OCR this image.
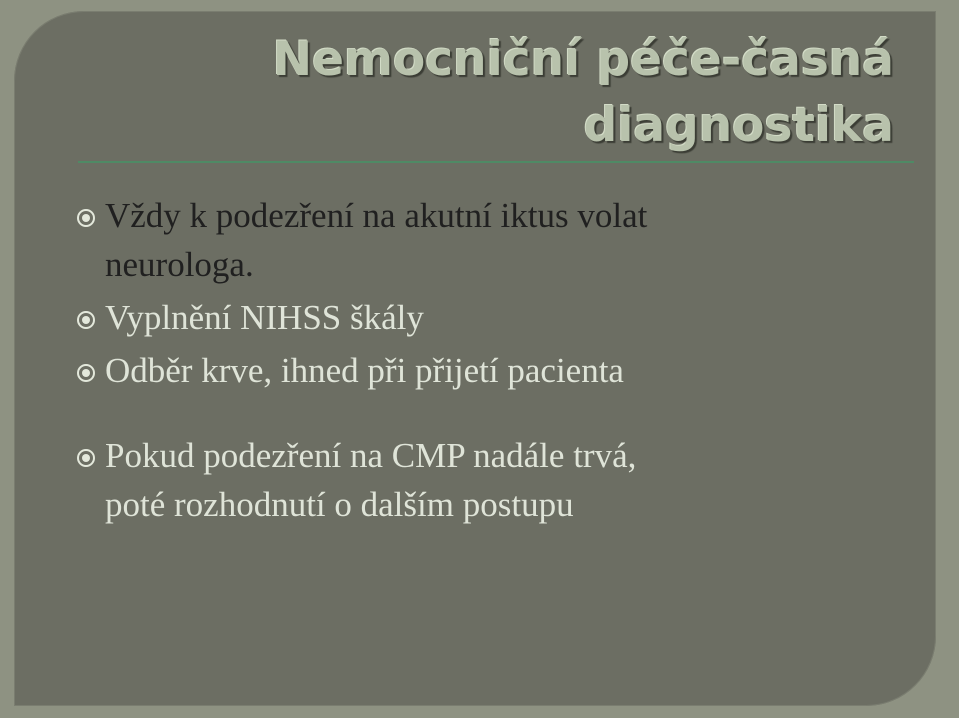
Nemocniční péče-časná
diagnostika
Vždy k podezření na akutní iktus volat
neurologa.
Vyplnění NIHSS škály
Odběr krve, ihned při přijetí pacienta
Pokud podezření na CMP nadále trvá,
poté rozhodnutí o dalším postupu
